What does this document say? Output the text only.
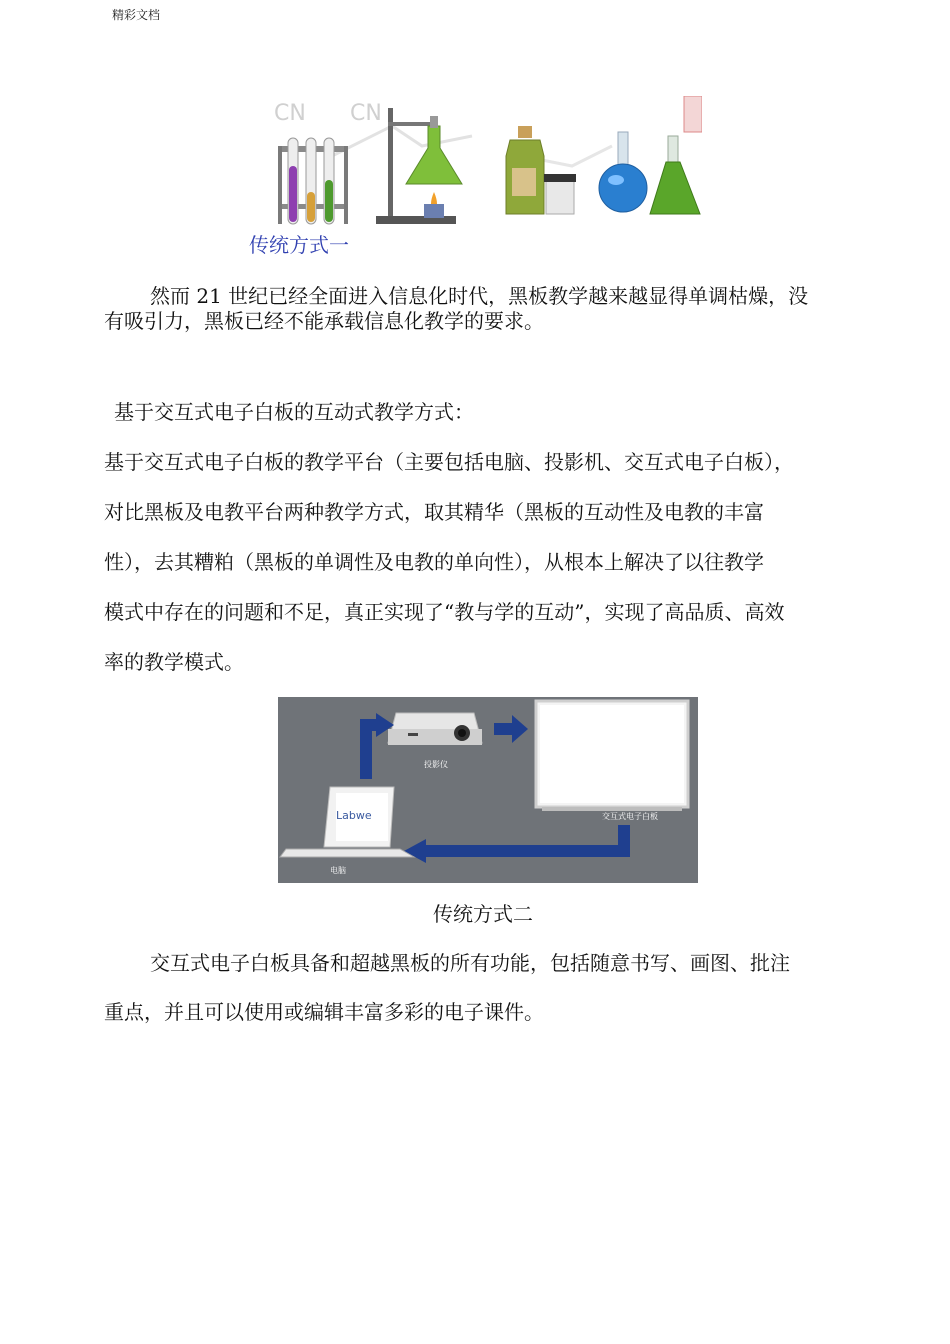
精彩文档
CN CN
传统方式一

然而 21 世纪已经全面进入信息化时代，黑板教学越来越显得单调枯燥，没

有吸引力，黑板已经不能承载信息化教学的要求。

基于交互式电子白板的互动式教学方式：

基于交互式电子白板的教学平台（主要包括电脑、投影机、交互式电子白板），

对比黑板及电教平台两种教学方式，取其精华（黑板的互动性及电教的丰富

性），去其糟粕（黑板的单调性及电教的单向性），从根本上解决了以往教学

模式中存在的问题和不足，真正实现了“教与学的互动”，实现了高品质、高效

率的教学模式。

投影仪
交互式电子白板
Labwe
电脑
传统方式二

交互式电子白板具备和超越黑板的所有功能，包括随意书写、画图、批注

重点，并且可以使用或编辑丰富多彩的电子课件。
